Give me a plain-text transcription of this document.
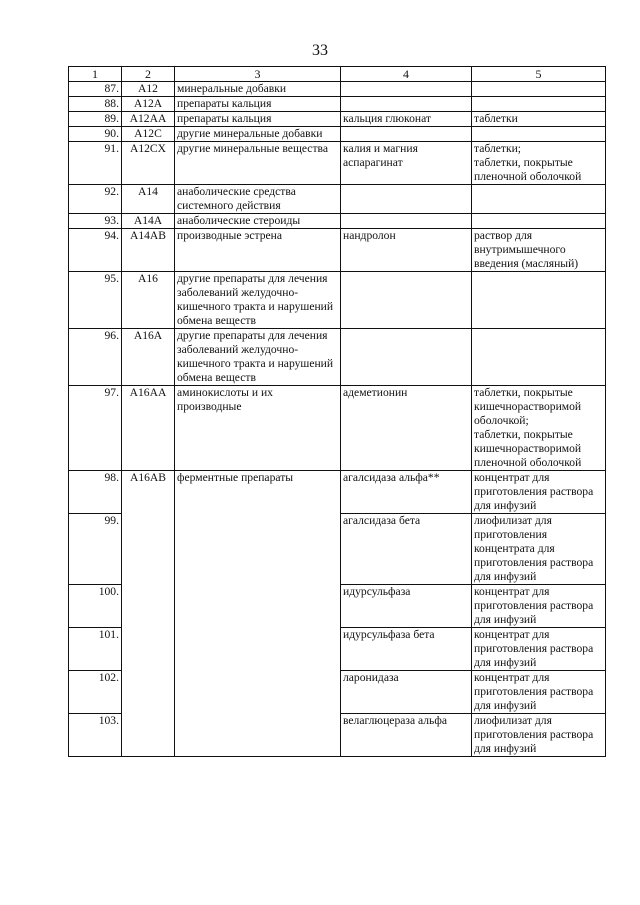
33
1	2	3	4	5
87.	A12	минеральные добавки		
88.	A12A	препараты кальция		
89.	A12AA	препараты кальция	кальция глюконат	таблетки
90.	A12C	другие минеральные добавки		
91.	A12CX	другие минеральные вещества	калия и магния аспарагинат	таблетки;
таблетки, покрытые пленочной оболочкой
92.	A14	анаболические средства системного действия		
93.	A14A	анаболические стероиды		
94.	A14AB	производные эстрена	нандролон	раствор для внутримышечного введения (масляный)
95.	A16	другие препараты для лечения заболеваний желудочно-кишечного тракта и нарушений обмена веществ		
96.	A16A	другие препараты для лечения заболеваний желудочно-кишечного тракта и нарушений обмена веществ		
97.	A16AA	аминокислоты и их производные	адеметионин	таблетки, покрытые кишечнорастворимой оболочкой;
таблетки, покрытые кишечнорастворимой пленочной оболочкой
98.	A16AB	ферментные препараты	агалсидаза альфа**	концентрат для приготовления раствора для инфузий
99.			агалсидаза бета	лиофилизат для приготовления концентрата для приготовления раствора для инфузий
100.			идурсульфаза	концентрат для приготовления раствора для инфузий
101.			идурсульфаза бета	концентрат для приготовления раствора для инфузий
102.			ларонидаза	концентрат для приготовления раствора для инфузий
103.			велаглюцераза альфа	лиофилизат для приготовления раствора для инфузий
